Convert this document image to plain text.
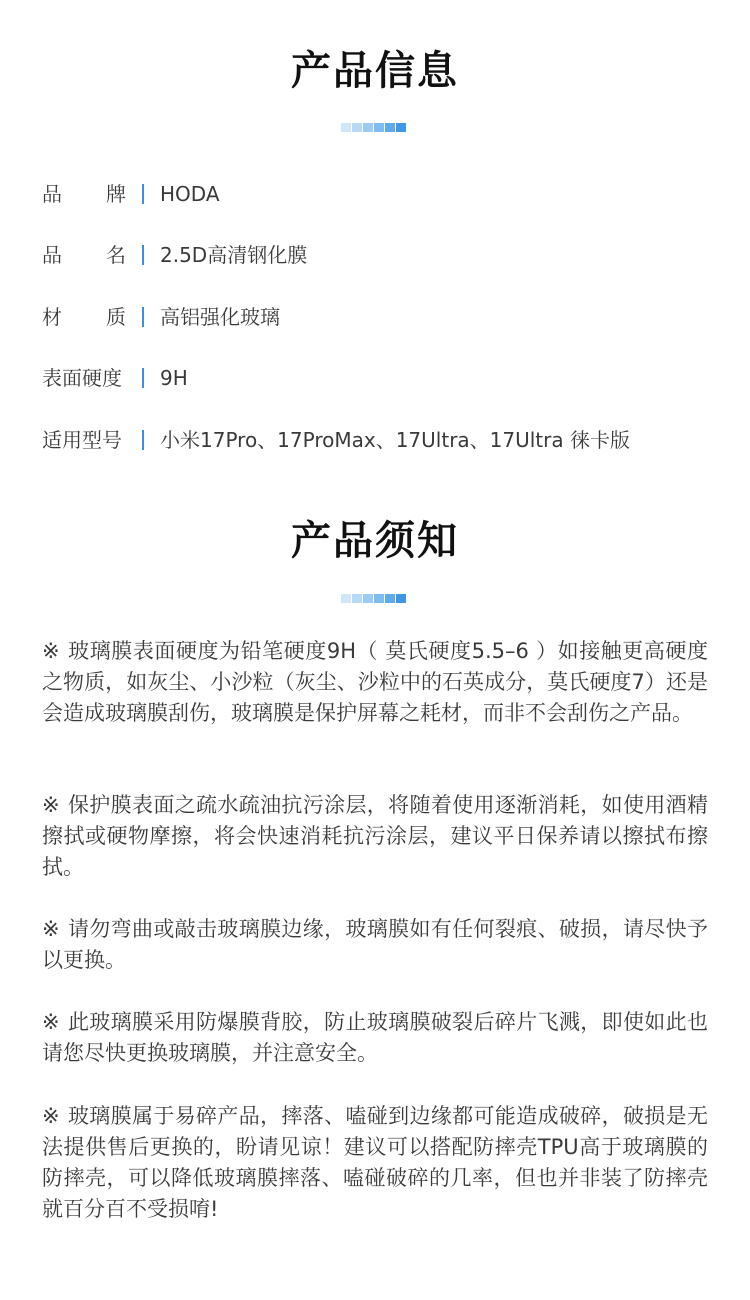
产品信息
品 牌 HODA
品 名 2.5D高清钢化膜
材 质 高铝强化玻璃
表面硬度 9H
适用型号 小米17Pro、17ProMax、17Ultra、17Ultra 徕卡版
产品须知
※ 玻璃膜表面硬度为铅笔硬度9H（ 莫氏硬度5.5–6 ）如接触更高硬度之物质，如灰尘、小沙粒（灰尘、沙粒中的石英成分，莫氏硬度7）还是会造成玻璃膜刮伤，玻璃膜是保护屏幕之耗材，而非不会刮伤之产品。
※ 保护膜表面之疏水疏油抗污涂层，将随着使用逐渐消耗，如使用酒精擦拭或硬物摩擦，将会快速消耗抗污涂层，建议平日保养请以擦拭布擦拭。
※ 请勿弯曲或敲击玻璃膜边缘，玻璃膜如有任何裂痕、破损，请尽快予以更换。
※ 此玻璃膜采用防爆膜背胶，防止玻璃膜破裂后碎片飞溅，即使如此也请您尽快更换玻璃膜，并注意安全。
※ 玻璃膜属于易碎产品，摔落、嗑碰到边缘都可能造成破碎，破损是无法提供售后更换的，盼请见谅！建议可以搭配防摔壳TPU高于玻璃膜的防摔壳，可以降低玻璃膜摔落、嗑碰破碎的几率，但也并非装了防摔壳就百分百不受损唷!
